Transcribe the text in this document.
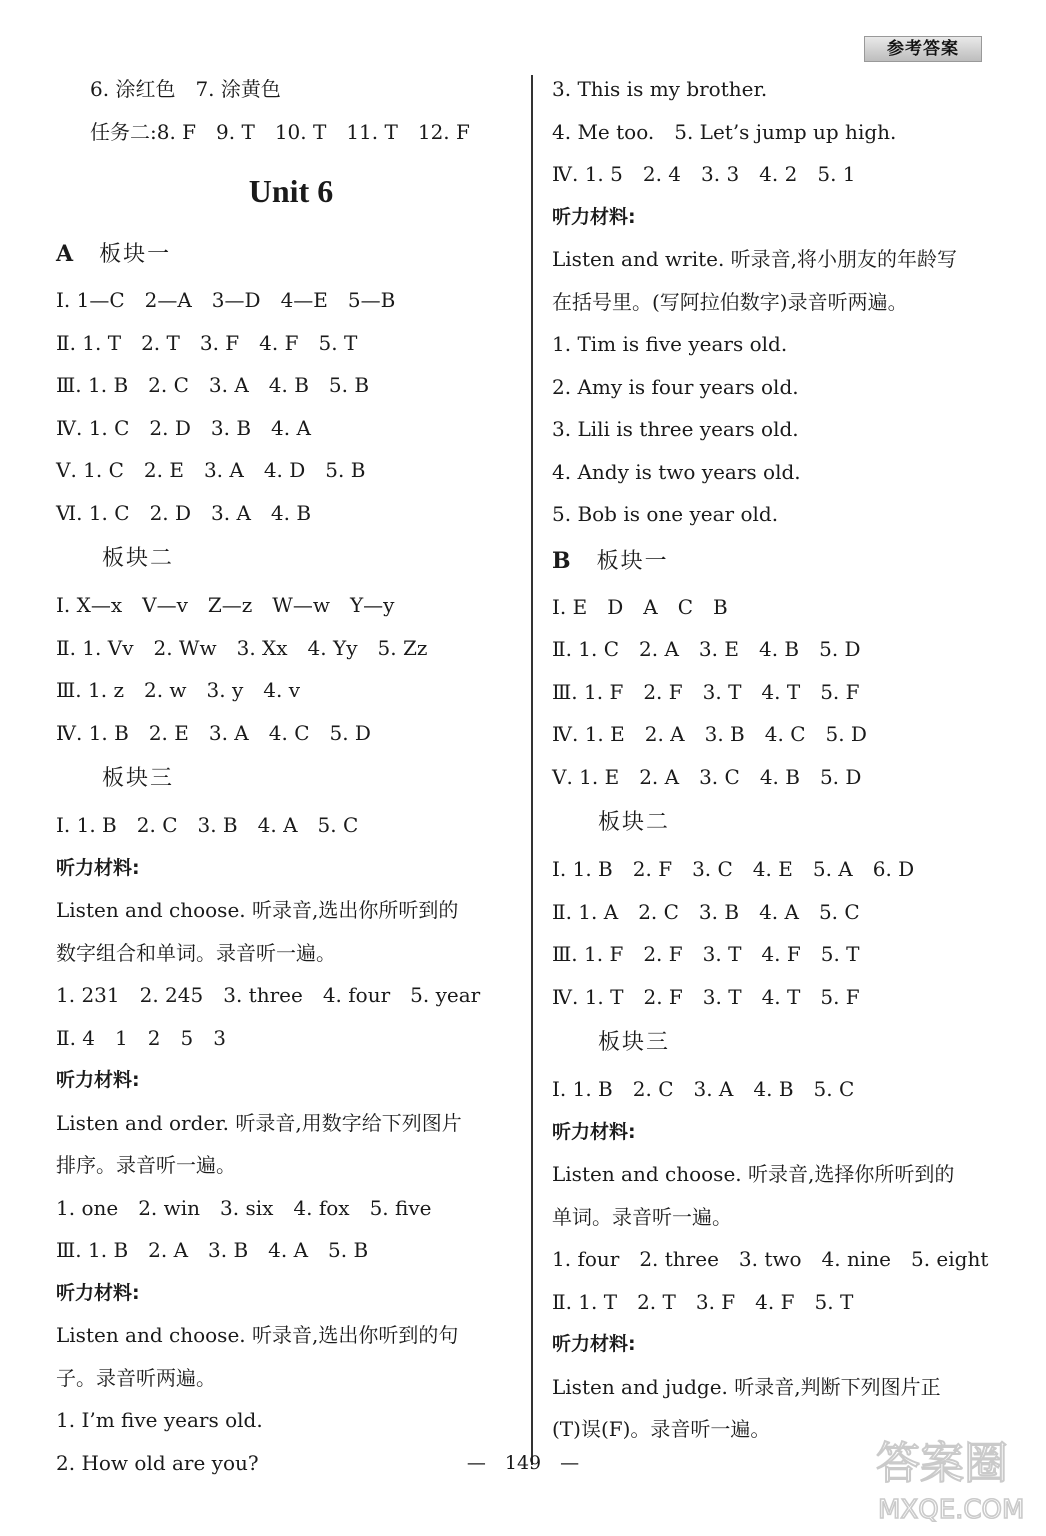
参考答案
6. 涂红色　7. 涂黄色
任务二:8. F　9. T　10. T　11. T　12. F
Unit 6
A 板块一
Ⅰ. 1—C　2—A　3—D　4—E　5—B
Ⅱ. 1. T　2. T　3. F　4. F　5. T
Ⅲ. 1. B　2. C　3. A　4. B　5. B
Ⅳ. 1. C　2. D　3. B　4. A
Ⅴ. 1. C　2. E　3. A　4. D　5. B
Ⅵ. 1. C　2. D　3. A　4. B
板块二
Ⅰ. X—x　V—v　Z—z　W—w　Y—y
Ⅱ. 1. Vv　2. Ww　3. Xx　4. Yy　5. Zz
Ⅲ. 1. z　2. w　3. y　4. v
Ⅳ. 1. B　2. E　3. A　4. C　5. D
板块三
Ⅰ. 1. B　2. C　3. B　4. A　5. C
听力材料:
Listen and choose. 听录音,选出你所听到的
数字组合和单词。录音听一遍。
1. 231　2. 245　3. three　4. four　5. year
Ⅱ. 4　1　2　5　3
听力材料:
Listen and order. 听录音,用数字给下列图片
排序。录音听一遍。
1. one　2. win　3. six　4. fox　5. five
Ⅲ. 1. B　2. A　3. B　4. A　5. B
听力材料:
Listen and choose. 听录音,选出你听到的句
子。录音听两遍。
1. I’m five years old.
2. How old are you?
3. This is my brother.
4. Me too.　5. Let’s jump up high.
Ⅳ. 1. 5　2. 4　3. 3　4. 2　5. 1
听力材料:
Listen and write. 听录音,将小朋友的年龄写
在括号里。(写阿拉伯数字)录音听两遍。
1. Tim is five years old.
2. Amy is four years old.
3. Lili is three years old.
4. Andy is two years old.
5. Bob is one year old.
B 板块一
Ⅰ. E　D　A　C　B
Ⅱ. 1. C　2. A　3. E　4. B　5. D
Ⅲ. 1. F　2. F　3. T　4. T　5. F
Ⅳ. 1. E　2. A　3. B　4. C　5. D
Ⅴ. 1. E　2. A　3. C　4. B　5. D
板块二
Ⅰ. 1. B　2. F　3. C　4. E　5. A　6. D
Ⅱ. 1. A　2. C　3. B　4. A　5. C
Ⅲ. 1. F　2. F　3. T　4. F　5. T
Ⅳ. 1. T　2. F　3. T　4. T　5. F
板块三
Ⅰ. 1. B　2. C　3. A　4. B　5. C
听力材料:
Listen and choose. 听录音,选择你所听到的
单词。录音听一遍。
1. four　2. three　3. two　4. nine　5. eight
Ⅱ. 1. T　2. T　3. F　4. F　5. T
听力材料:
Listen and judge. 听录音,判断下列图片正
(T)误(F)。录音听一遍。
—　149　—	答案圈
MXQE.COM
